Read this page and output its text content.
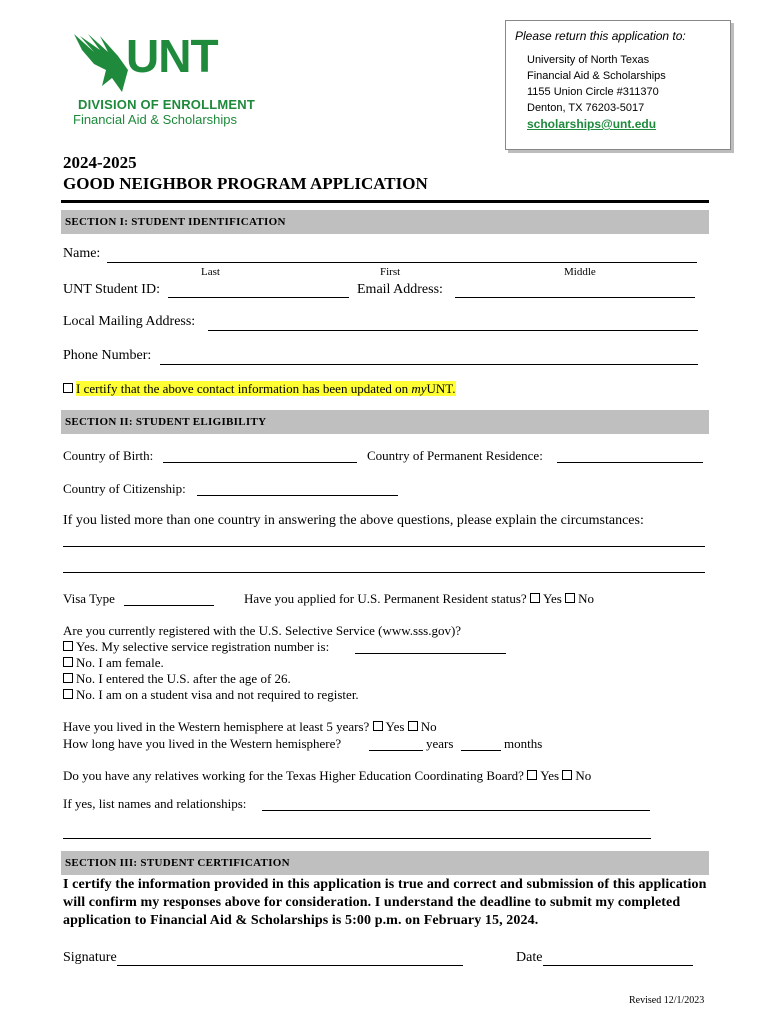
UNT
DIVISION OF ENROLLMENT
Financial Aid & Scholarships
Please return this application to:
University of North Texas
Financial Aid & Scholarships
1155 Union Circle #311370
Denton, TX 76203-5017
scholarships@unt.edu
2024-2025
GOOD NEIGHBOR PROGRAM APPLICATION
SECTION I: STUDENT IDENTIFICATION
Name:
Last	First	Middle
UNT Student ID:	Email Address:
Local Mailing Address:
Phone Number:
I certify that the above contact information has been updated on myUNT.
SECTION II: STUDENT ELIGIBILITY
Country of Birth:	Country of Permanent Residence:
Country of Citizenship:
If you listed more than one country in answering the above questions, please explain the circumstances:
Visa Type	Have you applied for U.S. Permanent Resident status? Yes No
Are you currently registered with the U.S. Selective Service (www.sss.gov)?
Yes. My selective service registration number is:
No. I am female.
No. I entered the U.S. after the age of 26.
No. I am on a student visa and not required to register.
Have you lived in the Western hemisphere at least 5 years? Yes No
How long have you lived in the Western hemisphere?	years	months
Do you have any relatives working for the Texas Higher Education Coordinating Board? Yes No
If yes, list names and relationships:
SECTION III: STUDENT CERTIFICATION
I certify the information provided in this application is true and correct and submission of this application will confirm my responses above for consideration. I understand the deadline to submit my completed application to Financial Aid & Scholarships is 5:00 p.m. on February 15, 2024.
Signature	Date
Revised 12/1/2023
